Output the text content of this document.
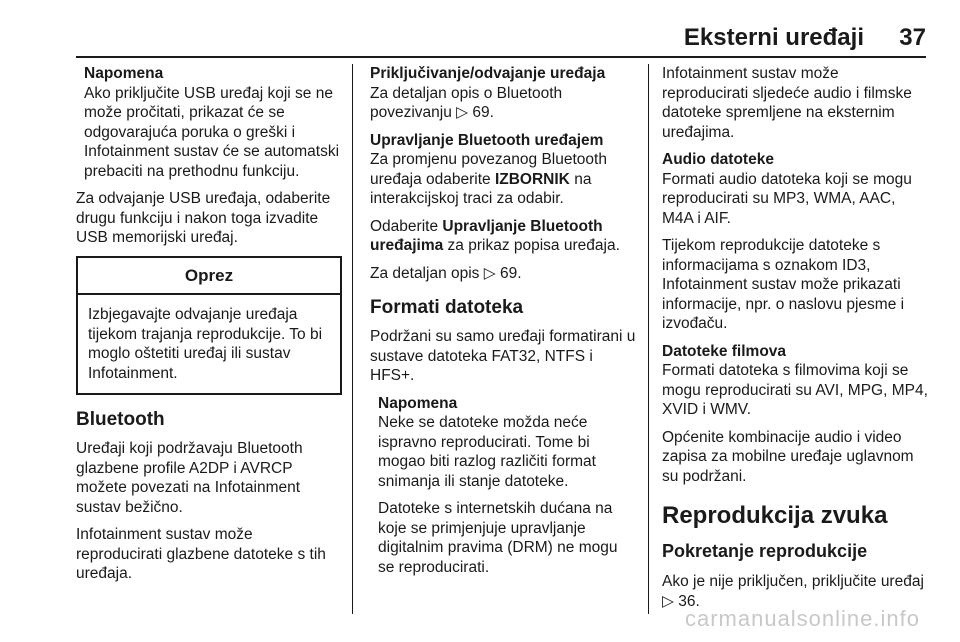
Eksterni uređaji 37
Napomena

Ako priključite USB uređaj koji se ne može pročitati, prikazat će se odgovarajuća poruka o greški i Infotainment sustav će se automatski prebaciti na prethodnu funkciju.

Za odvajanje USB uređaja, odaberite drugu funkciju i nakon toga izvadite USB memorijski uređaj.

Oprez
Izbjegavajte odvajanje uređaja tijekom trajanja reprodukcije. To bi moglo oštetiti uređaj ili sustav Infotainment.
Bluetooth

Uređaji koji podržavaju Bluetooth glazbene profile A2DP i AVRCP možete povezati na Infotainment sustav bežično.

Infotainment sustav može reproducirati glazbene datoteke s tih uređaja.

Priključivanje/odvajanje uređaja

Za detaljan opis o Bluetooth povezivanju ▷ 69.

Upravljanje Bluetooth uređajem

Za promjenu povezanog Bluetooth uređaja odaberite IZBORNIK na interakcijskoj traci za odabir.

Odaberite Upravljanje Bluetooth uređajima za prikaz popisa uređaja.

Za detaljan opis ▷ 69.

Formati datoteka

Podržani su samo uređaji formatirani u sustave datoteka FAT32, NTFS i HFS+.

Napomena

Neke se datoteke možda neće ispravno reproducirati. Tome bi mogao biti razlog različiti format snimanja ili stanje datoteke.

Datoteke s internetskih dućana na koje se primjenjuje upravljanje digitalnim pravima (DRM) ne mogu se reproducirati.

Infotainment sustav može reproducirati sljedeće audio i filmske datoteke spremljene na eksternim uređajima.

Audio datoteke

Formati audio datoteka koji se mogu reproducirati su MP3, WMA, AAC, M4A i AIF.

Tijekom reprodukcije datoteke s informacijama s oznakom ID3, Infotainment sustav može prikazati informacije, npr. o naslovu pjesme i izvođaču.

Datoteke filmova

Formati datoteka s filmovima koji se mogu reproducirati su AVI, MPG, MP4, XVID i WMV.

Općenite kombinacije audio i video zapisa za mobilne uređaje uglavnom su podržani.

Reprodukcija zvuka
Pokretanje reprodukcije

Ako je nije priključen, priključite uređaj ▷ 36.

carmanualsonline.info
